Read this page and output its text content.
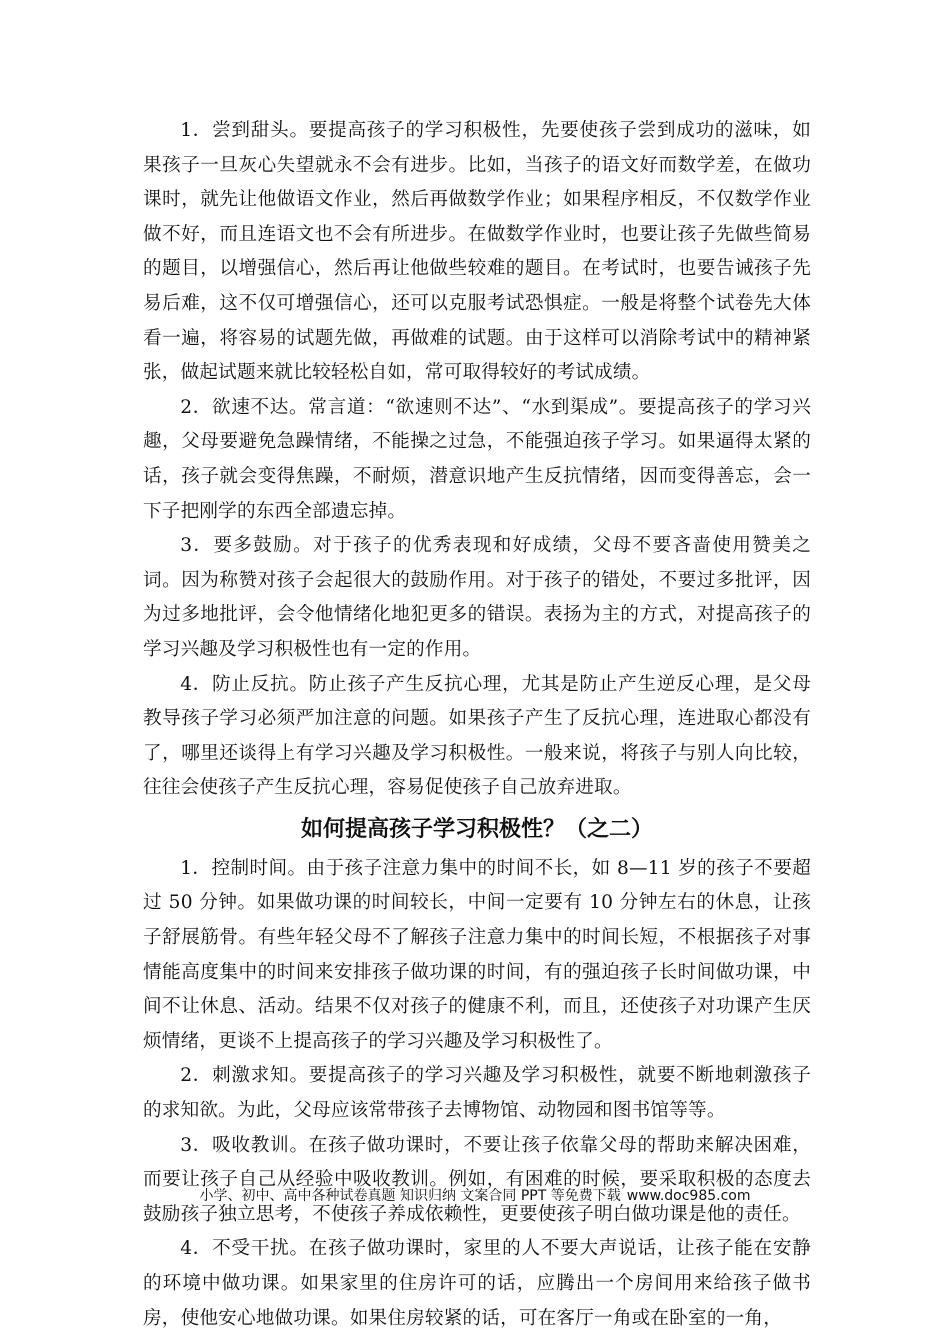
1．尝到甜头。要提高孩子的学习积极性，先要使孩子尝到成功的滋味，如果孩子一旦灰心失望就永不会有进步。比如，当孩子的语文好而数学差，在做功课时，就先让他做语文作业，然后再做数学作业；如果程序相反，不仅数学作业做不好，而且连语文也不会有所进步。在做数学作业时，也要让孩子先做些简易的题目，以增强信心，然后再让他做些较难的题目。在考试时，也要告诫孩子先易后难，这不仅可增强信心，还可以克服考试恐惧症。一般是将整个试卷先大体看一遍，将容易的试题先做，再做难的试题。由于这样可以消除考试中的精神紧张，做起试题来就比较轻松自如，常可取得较好的考试成绩。

2．欲速不达。常言道：“欲速则不达”、“水到渠成”。要提高孩子的学习兴趣，父母要避免急躁情绪，不能操之过急，不能强迫孩子学习。如果逼得太紧的话，孩子就会变得焦躁，不耐烦，潜意识地产生反抗情绪，因而变得善忘，会一下子把刚学的东西全部遗忘掉。

3．要多鼓励。对于孩子的优秀表现和好成绩，父母不要吝啬使用赞美之词。因为称赞对孩子会起很大的鼓励作用。对于孩子的错处，不要过多批评，因为过多地批评，会令他情绪化地犯更多的错误。表扬为主的方式，对提高孩子的学习兴趣及学习积极性也有一定的作用。

4．防止反抗。防止孩子产生反抗心理，尤其是防止产生逆反心理，是父母教导孩子学习必须严加注意的问题。如果孩子产生了反抗心理，连进取心都没有了，哪里还谈得上有学习兴趣及学习积极性。一般来说，将孩子与别人向比较，往往会使孩子产生反抗心理，容易促使孩子自己放弃进取。

如何提高孩子学习积极性？（之二）

1．控制时间。由于孩子注意力集中的时间不长，如 8—11 岁的孩子不要超过 50 分钟。如果做功课的时间较长，中间一定要有 10 分钟左右的休息，让孩子舒展筋骨。有些年轻父母不了解孩子注意力集中的时间长短，不根据孩子对事情能高度集中的时间来安排孩子做功课的时间，有的强迫孩子长时间做功课，中间不让休息、活动。结果不仅对孩子的健康不利，而且，还使孩子对功课产生厌烦情绪，更谈不上提高孩子的学习兴趣及学习积极性了。

2．刺激求知。要提高孩子的学习兴趣及学习积极性，就要不断地刺激孩子的求知欲。为此，父母应该常带孩子去博物馆、动物园和图书馆等等。

3．吸收教训。在孩子做功课时，不要让孩子依靠父母的帮助来解决困难，而要让孩子自己从经验中吸收教训。例如，有困难的时候，要采取积极的态度去鼓励孩子独立思考，不使孩子养成依赖性，更要使孩子明白做功课是他的责任。

4．不受干扰。在孩子做功课时，家里的人不要大声说话，让孩子能在安静的环境中做功课。如果家里的住房许可的话，应腾出一个房间用来给孩子做书房，使他安心地做功课。如果住房较紧的话，可在客厅一角或在卧室的一角，

小学、初中、高中各种试卷真题 知识归纳 文案合同 PPT 等免费下载 www.doc985.com
